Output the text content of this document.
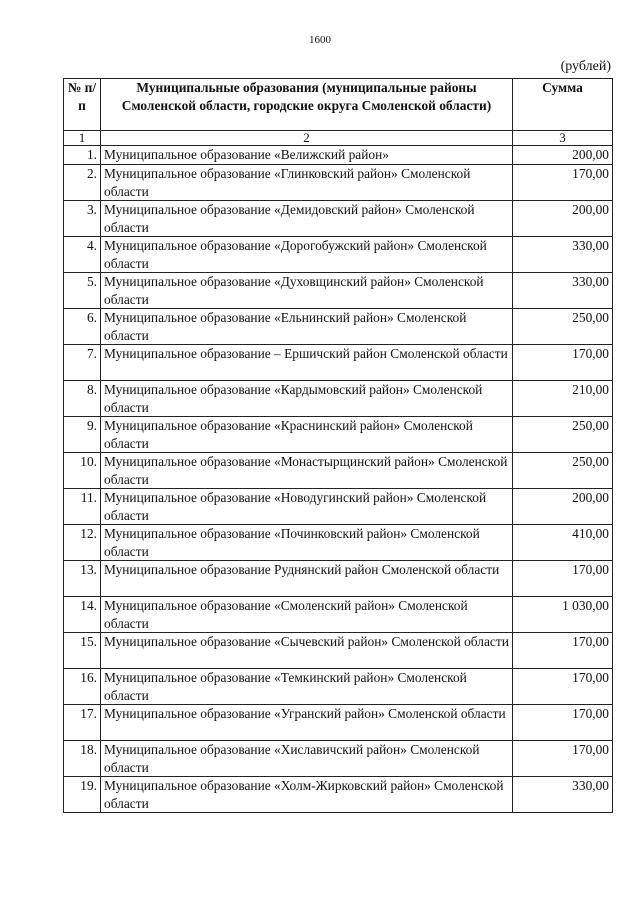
1600
(рублей)
№ п/п	Муниципальные образования (муниципальные районы Смоленской области, городские округа Смоленской области)	Сумма
1	2	3
1.	Муниципальное образование «Велижский район»	200,00
2.	Муниципальное образование «Глинковский район» Смоленской области	170,00
3.	Муниципальное образование «Демидовский район» Смоленской области	200,00
4.	Муниципальное образование «Дорогобужский район» Смоленской области	330,00
5.	Муниципальное образование «Духовщинский район» Смоленской области	330,00
6.	Муниципальное образование «Ельнинский район» Смоленской области	250,00
7.	Муниципальное образование – Ершичский район Смоленской области	170,00
8.	Муниципальное образование «Кардымовский район» Смоленской области	210,00
9.	Муниципальное образование «Краснинский район» Смоленской области	250,00
10.	Муниципальное образование «Монастырщинский район» Смоленской области	250,00
11.	Муниципальное образование «Новодугинский район» Смоленской области	200,00
12.	Муниципальное образование «Починковский район» Смоленской области	410,00
13.	Муниципальное образование Руднянский район Смоленской области	170,00
14.	Муниципальное образование «Смоленский район» Смоленской области	1 030,00
15.	Муниципальное образование «Сычевский район» Смоленской области	170,00
16.	Муниципальное образование «Темкинский район» Смоленской области	170,00
17.	Муниципальное образование «Угранский район» Смоленской области	170,00
18.	Муниципальное образование «Хиславичский район» Смоленской области	170,00
19.	Муниципальное образование «Холм-Жирковский район» Смоленской области	330,00
